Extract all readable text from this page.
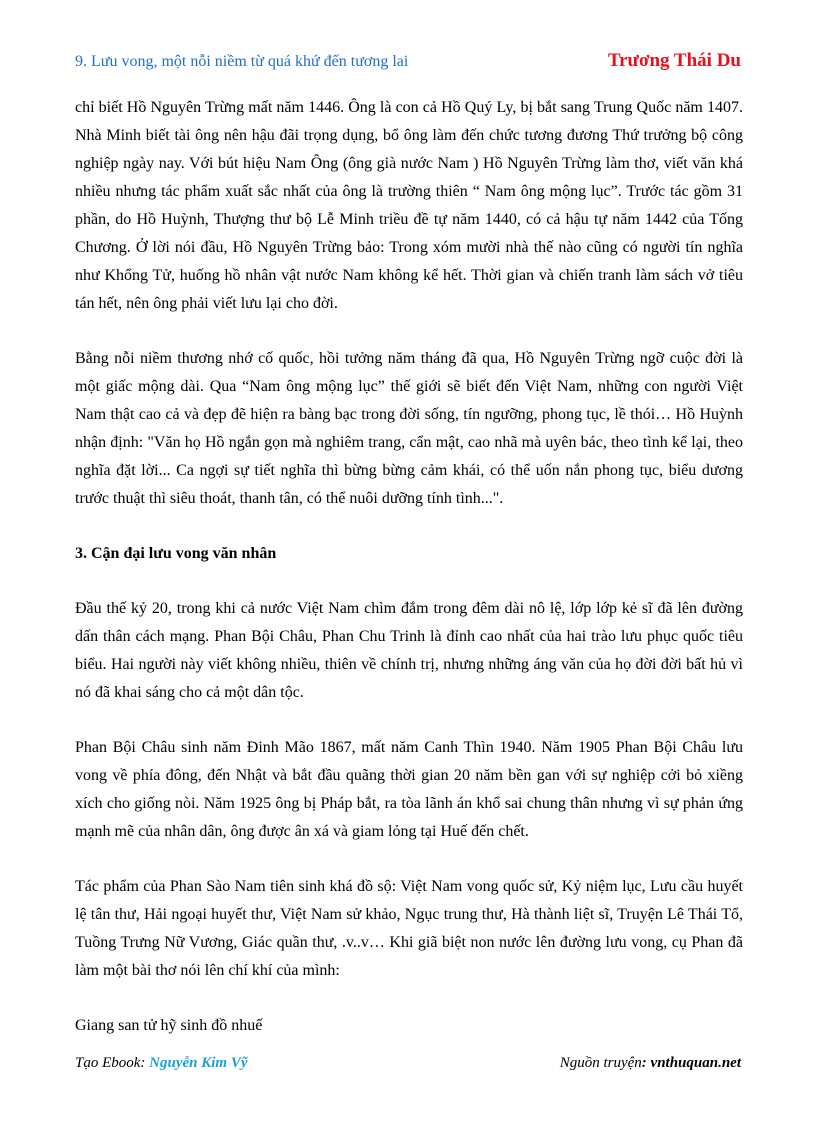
9. Lưu vong, một nỗi niềm từ quá khứ đến tương lai	Trương Thái Du

chỉ biết Hồ Nguyên Trừng mất năm 1446. Ông là con cả Hồ Quý Ly, bị bắt sang Trung Quốc năm 1407. Nhà Minh biết tài ông nên hậu đãi trọng dụng, bổ ông làm đến chức tương đương Thứ trưởng bộ công nghiệp ngày nay. Với bút hiệu Nam Ông (ông già nước Nam ) Hồ Nguyên Trừng làm thơ, viết văn khá nhiều nhưng tác phẩm xuất sắc nhất của ông là trường thiên “ Nam ông mộng lục”. Trước tác gồm 31 phần, do Hồ Huỳnh, Thượng thư bộ Lễ Minh triều đề tự năm 1440, có cả hậu tự năm 1442 của Tống Chương. Ở lời nói đầu, Hồ Nguyên Trừng bảo: Trong xóm mười nhà thế nào cũng có người tín nghĩa như Khổng Tử, huống hồ nhân vật nước Nam không kể hết. Thời gian và chiến tranh làm sách vở tiêu tán hết, nên ông phải viết lưu lại cho đời.

Bằng nỗi niềm thương nhớ cố quốc, hồi tưởng năm tháng đã qua, Hồ Nguyên Trừng ngỡ cuộc đời là một giấc mộng dài. Qua “Nam ông mộng lục” thế giới sẽ biết đến Việt Nam, những con người Việt Nam thật cao cả và đẹp đẽ hiện ra bàng bạc trong đời sống, tín ngưỡng, phong tục, lề thói… Hồ Huỳnh nhận định: "Văn họ Hồ ngắn gọn mà nghiêm trang, cẩn mật, cao nhã mà uyên bác, theo tình kể lại, theo nghĩa đặt lời... Ca ngợi sự tiết nghĩa thì bừng bừng cảm khái, có thể uốn nắn phong tục, biểu dương trước thuật thì siêu thoát, thanh tân, có thể nuôi dưỡng tính tình...".

3. Cận đại lưu vong văn nhân

Đầu thế kỷ 20, trong khi cả nước Việt Nam chìm đắm trong đêm dài nô lệ, lớp lớp kẻ sĩ đã lên đường dấn thân cách mạng. Phan Bội Châu, Phan Chu Trinh là đỉnh cao nhất của hai trào lưu phục quốc tiêu biểu. Hai người này viết không nhiều, thiên về chính trị, nhưng những áng văn của họ đời đời bất hủ vì nó đã khai sáng cho cả một dân tộc.

Phan Bội Châu sinh năm Đinh Mão 1867, mất năm Canh Thìn 1940. Năm 1905 Phan Bội Châu lưu vong về phía đông, đến Nhật và bắt đầu quãng thời gian 20 năm bền gan với sự nghiệp cởi bỏ xiềng xích cho giống nòi. Năm 1925 ông bị Pháp bắt, ra tòa lãnh án khổ sai chung thân nhưng vì sự phản ứng mạnh mẽ của nhân dân, ông được ân xá và giam lỏng tại Huế đến chết.

Tác phẩm của Phan Sào Nam tiên sinh khá đồ sộ: Việt Nam vong quốc sử, Kỷ niệm lục, Lưu cầu huyết lệ tân thư, Hải ngoại huyết thư, Việt Nam sử khảo, Ngục trung thư, Hà thành liệt sĩ, Truyện Lê Thái Tổ, Tuồng Trưng Nữ Vương, Giác quần thư, .v..v… Khi giã biệt non nước lên đường lưu vong, cụ Phan đã làm một bài thơ nói lên chí khí của mình:

Giang san tử hỹ sinh đồ nhuế

Tạo Ebook: Nguyễn Kim Vỹ	Nguồn truyện: vnthuquan.net
